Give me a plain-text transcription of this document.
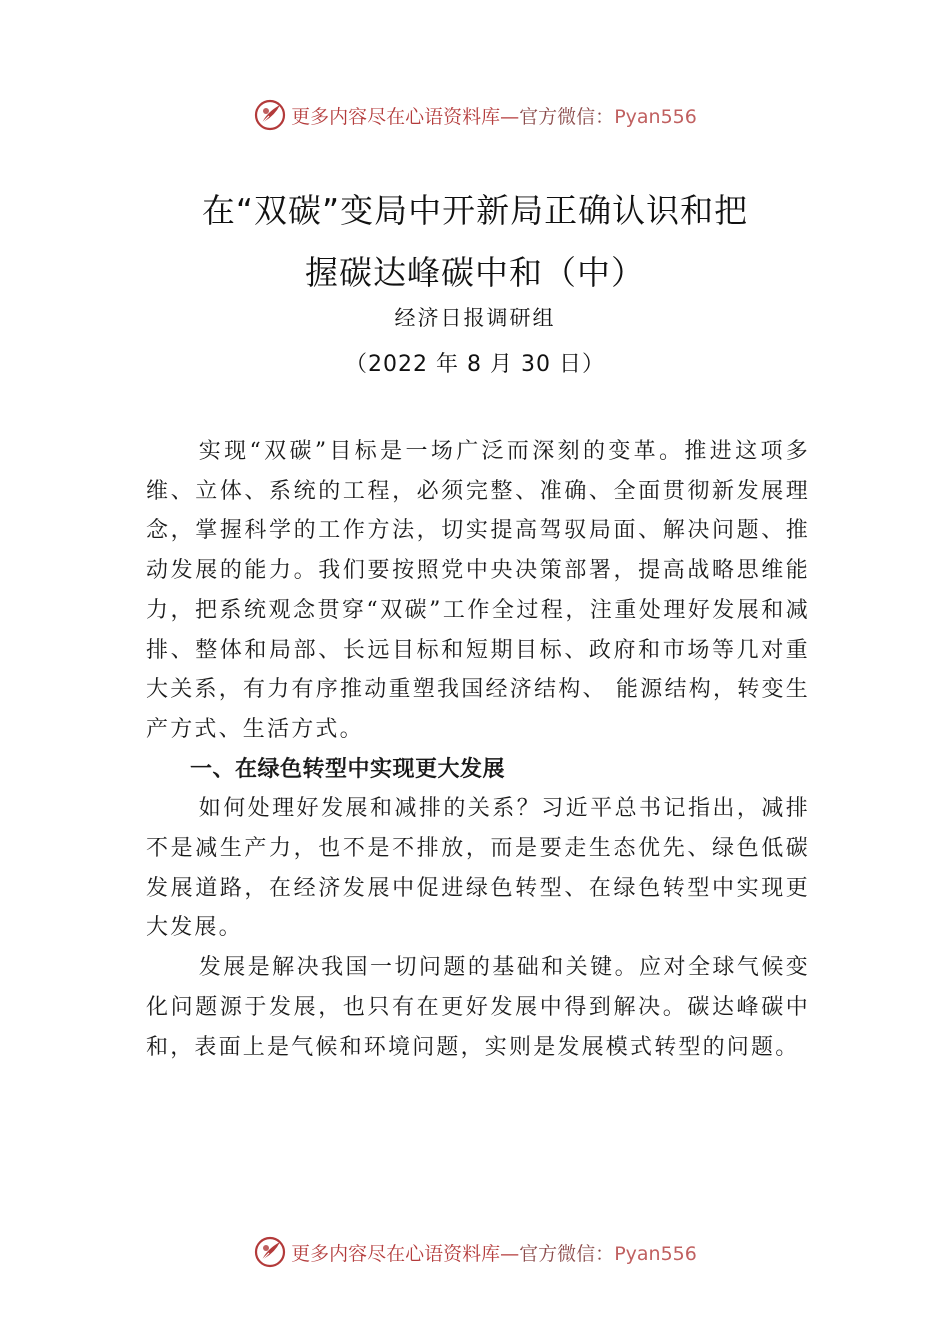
更多内容尽在心语资料库—官方微信：Pyan556
在“双碳”变局中开新局正确认识和把
握碳达峰碳中和（中）
经济日报调研组
（2022 年 8 月 30 日）

实现“双碳”目标是一场广泛而深刻的变革。推进这项多维、立体、系统的工程，必须完整、准确、全面贯彻新发展理念，掌握科学的工作方法，切实提高驾驭局面、解决问题、推动发展的能力。我们要按照党中央决策部署，提高战略思维能力，把系统观念贯穿“双碳”工作全过程，注重处理好发展和减排、整体和局部、长远目标和短期目标、政府和市场等几对重大关系，有力有序推动重塑我国经济结构、 能源结构，转变生产方式、生活方式。

一、在绿色转型中实现更大发展

如何处理好发展和减排的关系？习近平总书记指出，减排不是减生产力，也不是不排放，而是要走生态优先、绿色低碳发展道路，在经济发展中促进绿色转型、在绿色转型中实现更大发展。

发展是解决我国一切问题的基础和关键。应对全球气候变化问题源于发展，也只有在更好发展中得到解决。碳达峰碳中和，表面上是气候和环境问题，实则是发展模式转型的问题。

更多内容尽在心语资料库—官方微信：Pyan556
